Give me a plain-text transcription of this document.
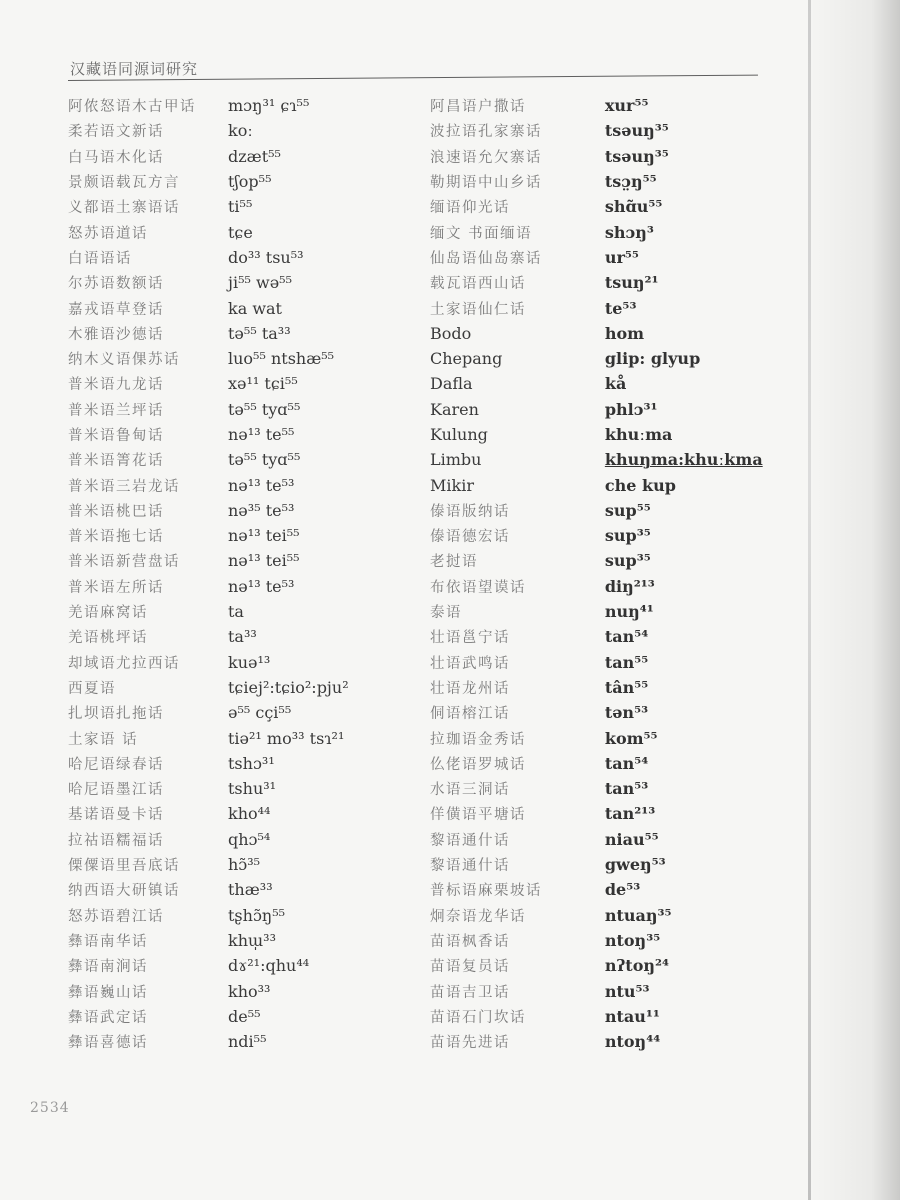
汉藏语同源词研究
阿侬怒语木古甲话	mɔŋ³¹ ɕɿ⁵⁵
柔若语文新话	koː
白马语木化话	dzæt⁵⁵
景颇语载瓦方言	tʃop⁵⁵
义都语土寨语话	ti⁵⁵
怒苏语道话	tɕe
白语语话	do³³ tsu⁵³
尔苏语数额话	ji⁵⁵ wə⁵⁵
嘉戎语草登话	ka wat
木雅语沙德话	tə⁵⁵ ta³³
纳木义语倮苏话	luo⁵⁵ ntshæ⁵⁵
普米语九龙话	xə¹¹ tɕi⁵⁵
普米语兰坪话	tə⁵⁵ tyɑ⁵⁵
普米语鲁甸话	nə¹³ te⁵⁵
普米语箐花话	tə⁵⁵ tyɑ⁵⁵
普米语三岩龙话	nə¹³ te⁵³
普米语桃巴话	nə³⁵ te⁵³
普米语拖七话	nə¹³ tei⁵⁵
普米语新营盘话	nə¹³ tei⁵⁵
普米语左所话	nə¹³ te⁵³
羌语麻窝话	ta
羌语桃坪话	ta³³
却域语尤拉西话	kuə¹³
西夏语	tɕiej²:tɕio²:pju²
扎坝语扎拖话	ə⁵⁵ cçi⁵⁵
土家语 话	tiə²¹ mo³³ tsɿ²¹
哈尼语绿春话	tshɔ³¹
哈尼语墨江话	tshu³¹
基诺语曼卡话	kho⁴⁴
拉祜语糯福话	qhɔ⁵⁴
傈僳语里吾底话	hɔ̃³⁵
纳西语大研镇话	thæ³³
怒苏语碧江话	tʂhɔ̃ŋ⁵⁵
彝语南华话	khɯ̩³³
彝语南涧话	dɤ²¹:qhu⁴⁴
彝语巍山话	kho³³
彝语武定话	de⁵⁵
彝语喜德话	ndi⁵⁵
阿昌语户撒话	xur⁵⁵
波拉语孔家寨话	tsəuŋ³⁵
浪速语允欠寨话	tsəuŋ³⁵
勒期语中山乡话	tsɔ̤ŋ⁵⁵
缅语仰光话	shɑ̃u⁵⁵
缅文 书面缅语	shɔŋ³
仙岛语仙岛寨话	ur⁵⁵
载瓦语西山话	tsuŋ²¹
土家语仙仁话	te⁵³
Bodo	hom
Chepang	glip: glyup
Dafla	kå
Karen	phlɔ³¹
Kulung	khuːma
Limbu	khuŋma:khuːkma
Mikir	che kup
傣语版纳话	sup⁵⁵
傣语德宏话	sup³⁵
老挝语	sup³⁵
布依语望谟话	diŋ²¹³
泰语	nuŋ⁴¹
壮语邕宁话	tan⁵⁴
壮语武鸣话	tan⁵⁵
壮语龙州话	tân⁵⁵
侗语榕江话	tən⁵³
拉珈语金秀话	kom⁵⁵
仫佬语罗城话	tan⁵⁴
水语三洞话	tan⁵³
佯僙语平塘话	tan²¹³
黎语通什话	niau⁵⁵
黎语通什话	gweŋ⁵³
普标语麻栗坡话	de⁵³
炯奈语龙华话	ntuaŋ³⁵
苗语枫香话	ntoŋ³⁵
苗语复员话	nʔtoŋ²⁴
苗语吉卫话	ntu⁵³
苗语石门坎话	ntau¹¹
苗语先进话	ntoŋ⁴⁴
2534
